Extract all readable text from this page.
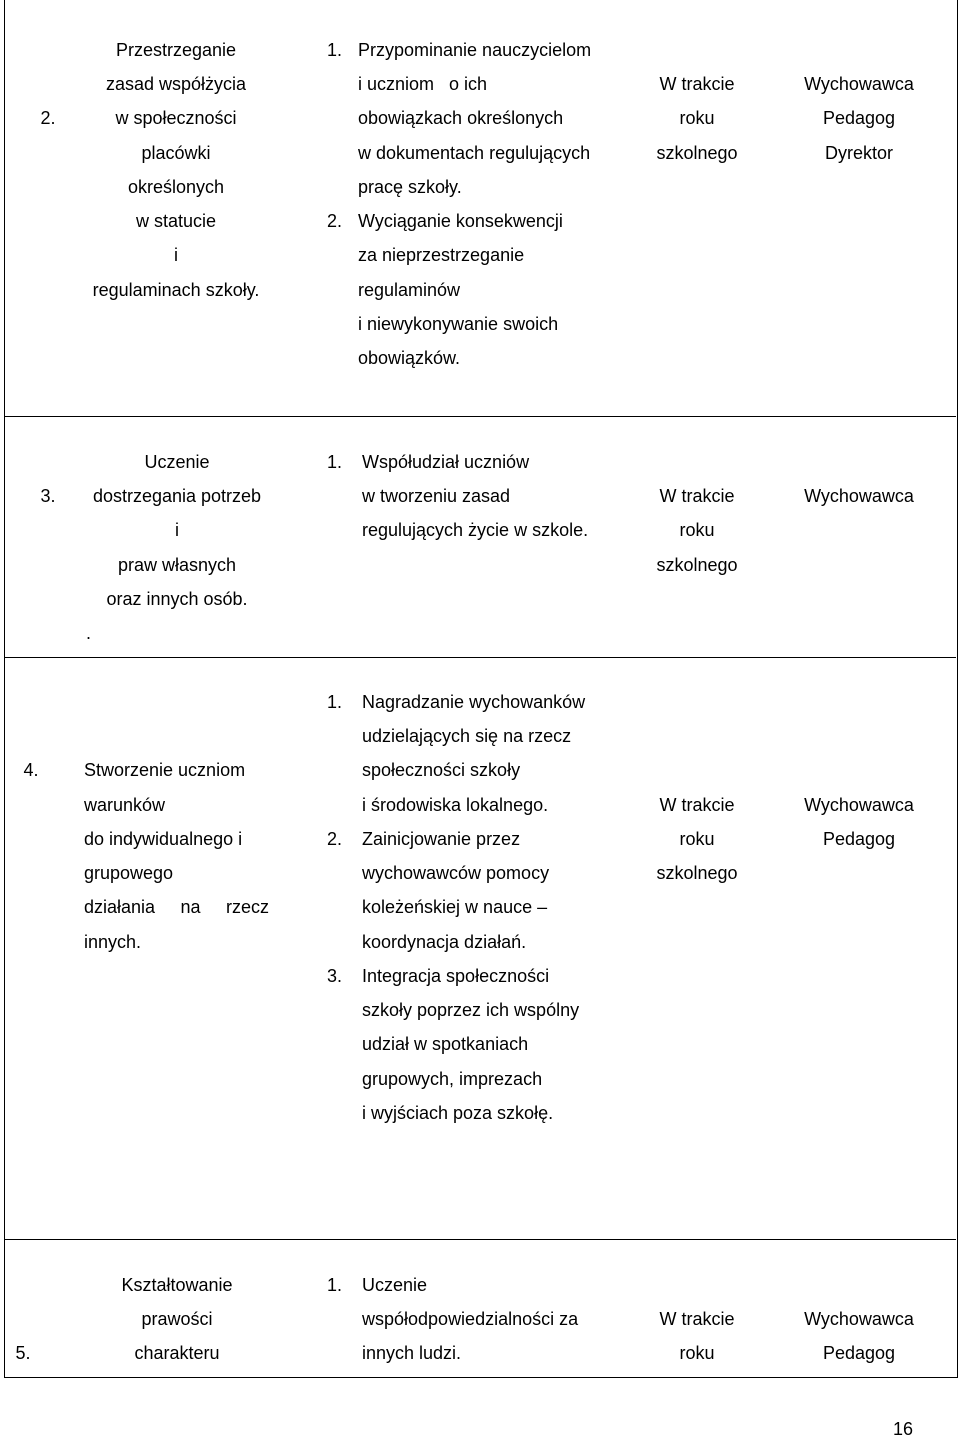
2.
Przestrzeganie
zasad współżycia
w społeczności
placówki
określonych
w statucie
i
regulaminach szkoły.
1. Przypominanie nauczycielom
i uczniom   o ich
obowiązkach określonych
w dokumentach regulujących
pracę szkoły.
2. Wyciąganie konsekwencji
za nieprzestrzeganie
regulaminów
i niewykonywanie swoich
obowiązków.
W trakcie
roku
szkolnego
Wychowawca
Pedagog
Dyrektor
3.
Uczenie
dostrzegania potrzeb
i
praw własnych
oraz innych osób.
.
1. Współudział uczniów
w tworzeniu zasad
regulujących życie w szkole.
W trakcie
roku
szkolnego
Wychowawca
4.	Stworzenie uczniom
warunków
do indywidualnego i
grupowego
działania na rzecz
innych.
1. Nagradzanie wychowanków
udzielających się na rzecz
społeczności szkoły
i środowiska lokalnego.
2. Zainicjowanie przez
wychowawców pomocy
koleżeńskiej w nauce –
koordynacja działań.
3. Integracja społeczności
szkoły poprzez ich wspólny
udział w spotkaniach
grupowych, imprezach
i wyjściach poza szkołę.
W trakcie
roku
szkolnego
Wychowawca
Pedagog
5.
Kształtowanie
prawości
charakteru
1. Uczenie
współodpowiedzialności za
innych ludzi.
W trakcie
roku
Wychowawca
Pedagog
16
